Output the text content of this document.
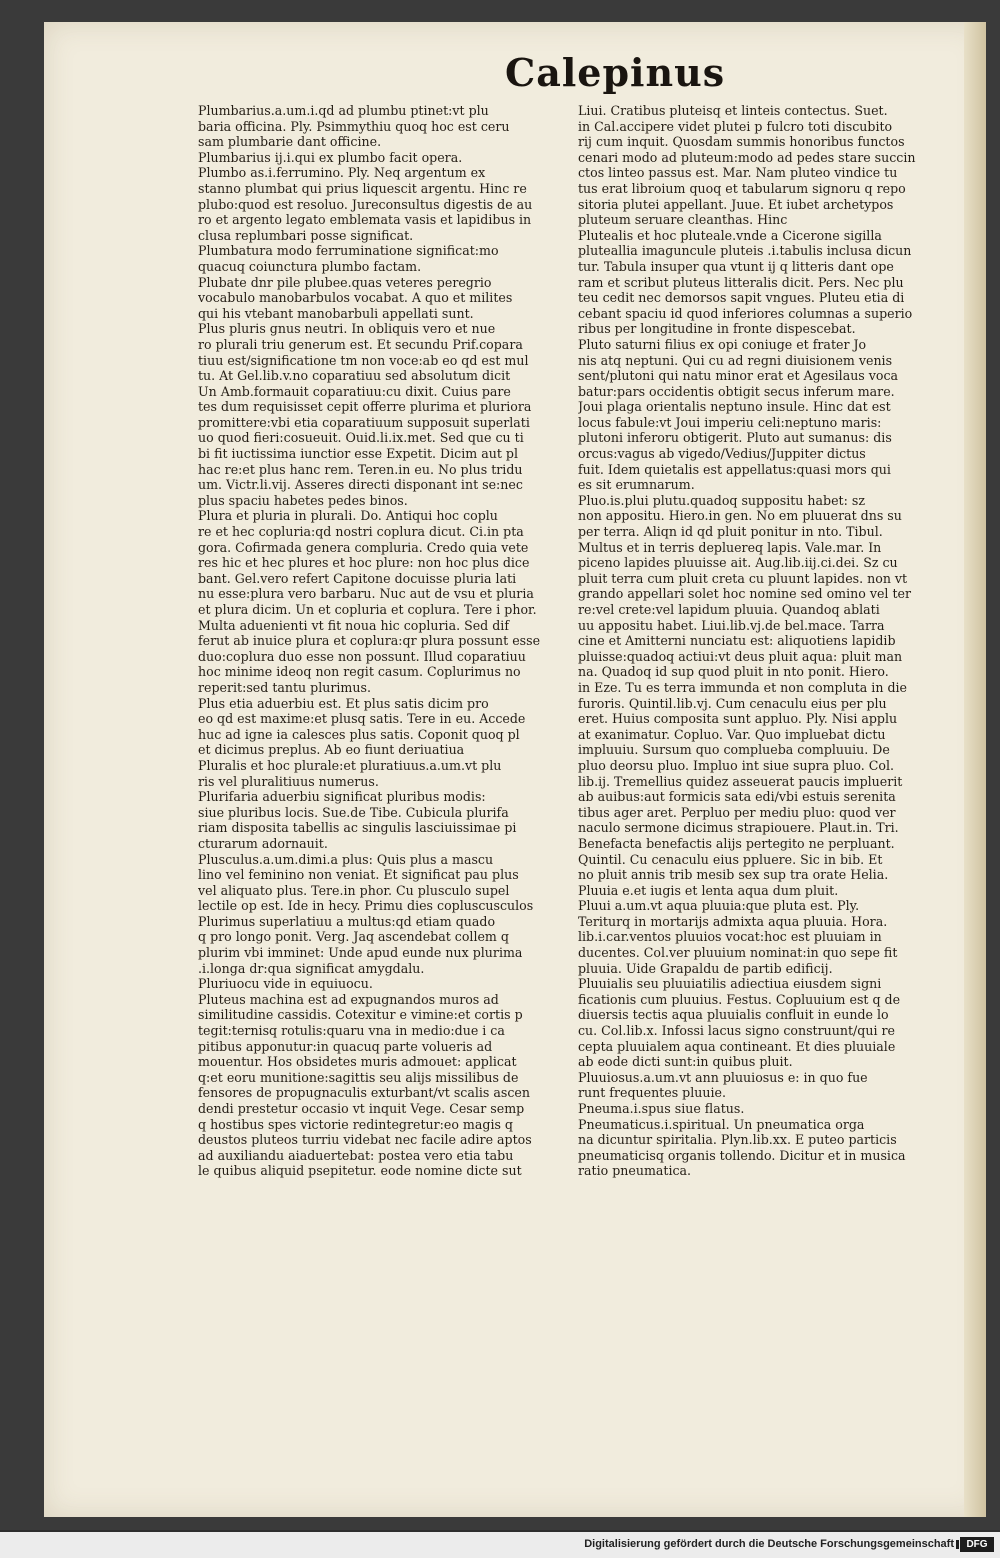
Calepinus
Plumbarius.a.um.i.qd ad plumbu ptinet:vt plu
baria officina. Ply. Psimmythiu quoq hoc est ceru
sam plumbarie dant officine.
Plumbarius ij.i.qui ex plumbo facit opera.
Plumbo as.i.ferrumino. Ply. Neq argentum ex
stanno plumbat qui prius liquescit argentu. Hinc re
plubo:quod est resoluo. Jureconsultus digestis de au
ro et argento legato emblemata vasis et lapidibus in
clusa replumbari posse significat.
Plumbatura modo ferruminatione significat:mo
quacuq coiunctura plumbo factam.
Plubate dnr pile plubee.quas veteres peregrio
vocabulo manobarbulos vocabat. A quo et milites
qui his vtebant manobarbuli appellati sunt.
Plus pluris gnus neutri. In obliquis vero et nue
ro plurali triu generum est. Et secundu Prif.copara
tiuu est/significatione tm non voce:ab eo qd est mul
tu. At Gel.lib.v.no coparatiuu sed absolutum dicit
Un Amb.formauit coparatiuu:cu dixit. Cuius pare
tes dum requisisset cepit offerre plurima et pluriora
promittere:vbi etia coparatiuum supposuit superlati
uo quod fieri:cosueuit. Ouid.li.ix.met. Sed que cu ti
bi fit iuctissima iunctior esse Expetit. Dicim aut pl
hac re:et plus hanc rem. Teren.in eu. No plus tridu
um. Victr.li.vij. Asseres directi disponant int se:nec
plus spaciu habetes pedes binos.
Plura et pluria in plurali. Do. Antiqui hoc coplu
re et hec copluria:qd nostri coplura dicut. Ci.in pta
gora. Cofirmada genera compluria. Credo quia vete
res hic et hec plures et hoc plure: non hoc plus dice
bant. Gel.vero refert Capitone docuisse pluria lati
nu esse:plura vero barbaru. Nuc aut de vsu et pluria
et plura dicim. Un et copluria et coplura. Tere i phor.
Multa aduenienti vt fit noua hic copluria. Sed dif
ferut ab inuice plura et coplura:qr plura possunt esse
duo:coplura duo esse non possunt. Illud coparatiuu
hoc minime ideoq non regit casum. Coplurimus no
reperit:sed tantu plurimus.
Plus etia aduerbiu est. Et plus satis dicim pro
eo qd est maxime:et plusq satis. Tere in eu. Accede
huc ad igne ia calesces plus satis. Coponit quoq pl
et dicimus preplus. Ab eo fiunt deriuatiua
Pluralis et hoc plurale:et pluratiuus.a.um.vt plu
ris vel pluralitiuus numerus.
Plurifaria aduerbiu significat pluribus modis:
siue pluribus locis. Sue.de Tibe. Cubicula plurifa
riam disposita tabellis ac singulis lasciuissimae pi
cturarum adornauit.
Plusculus.a.um.dimi.a plus: Quis plus a mascu
lino vel feminino non veniat. Et significat pau plus
vel aliquato plus. Tere.in phor. Cu plusculo supel
lectile op est. Ide in hecy. Primu dies copluscusculos
Plurimus superlatiuu a multus:qd etiam quado
q pro longo ponit. Verg. Jaq ascendebat collem q
plurim vbi imminet: Unde apud eunde nux plurima
.i.longa dr:qua significat amygdalu.
Pluriuocu vide in equiuocu.
Pluteus machina est ad expugnandos muros ad
similitudine cassidis. Cotexitur e vimine:et cortis p
tegit:ternisq rotulis:quaru vna in medio:due i ca
pitibus apponutur:in quacuq parte volueris ad
mouentur. Hos obsidetes muris admouet: applicat
q:et eoru munitione:sagittis seu alijs missilibus de
fensores de propugnaculis exturbant/vt scalis ascen
dendi prestetur occasio vt inquit Vege. Cesar semp
q hostibus spes victorie redintegretur:eo magis q
deustos pluteos turriu videbat nec facile adire aptos
ad auxiliandu aiaduertebat: postea vero etia tabu
le quibus aliquid psepitetur. eode nomine dicte sut
Liui. Cratibus pluteisq et linteis contectus. Suet.
in Cal.accipere videt plutei p fulcro toti discubito
rij cum inquit. Quosdam summis honoribus functos
cenari modo ad pluteum:modo ad pedes stare succin
ctos linteo passus est. Mar. Nam pluteo vindice tu
tus erat libroium quoq et tabularum signoru q repo
sitoria plutei appellant. Juue. Et iubet archetypos
pluteum seruare cleanthas. Hinc
Plutealis et hoc pluteale.vnde a Cicerone sigilla
pluteallia imaguncule pluteis .i.tabulis inclusa dicun
tur. Tabula insuper qua vtunt ij q litteris dant ope
ram et scribut pluteus litteralis dicit. Pers. Nec plu
teu cedit nec demorsos sapit vngues. Pluteu etia di
cebant spaciu id quod inferiores columnas a superio
ribus per longitudine in fronte dispescebat.
Pluto saturni filius ex opi coniuge et frater Jo
nis atq neptuni. Qui cu ad regni diuisionem venis
sent/plutoni qui natu minor erat et Agesilaus voca
batur:pars occidentis obtigit secus inferum mare.
Joui plaga orientalis neptuno insule. Hinc dat est
locus fabule:vt Joui imperiu celi:neptuno maris:
plutoni inferoru obtigerit. Pluto aut sumanus: dis
orcus:vagus ab vigedo/Vedius/Juppiter dictus
fuit. Idem quietalis est appellatus:quasi mors qui
es sit erumnarum.
Pluo.is.plui plutu.quadoq suppositu habet: sz
non appositu. Hiero.in gen. No em pluuerat dns su
per terra. Aliqn id qd pluit ponitur in nto. Tibul.
Multus et in terris depluereq lapis. Vale.mar. In
piceno lapides pluuisse ait. Aug.lib.iij.ci.dei. Sz cu
pluit terra cum pluit creta cu pluunt lapides. non vt
grando appellari solet hoc nomine sed omino vel ter
re:vel crete:vel lapidum pluuia. Quandoq ablati
uu appositu habet. Liui.lib.vj.de bel.mace. Tarra
cine et Amitterni nunciatu est: aliquotiens lapidib
pluisse:quadoq actiui:vt deus pluit aqua: pluit man
na. Quadoq id sup quod pluit in nto ponit. Hiero.
in Eze. Tu es terra immunda et non compluta in die
furoris. Quintil.lib.vj. Cum cenaculu eius per plu
eret. Huius composita sunt appluo. Ply. Nisi applu
at exanimatur. Copluo. Var. Quo impluebat dictu
impluuiu. Sursum quo complueba compluuiu. De
pluo deorsu pluo. Impluo int siue supra pluo. Col.
lib.ij. Tremellius quidez asseuerat paucis impluerit
ab auibus:aut formicis sata edi/vbi estuis serenita
tibus ager aret. Perpluo per mediu pluo: quod ver
naculo sermone dicimus strapiouere. Plaut.in. Tri.
Benefacta benefactis alijs pertegito ne perpluant.
Quintil. Cu cenaculu eius ppluere. Sic in bib. Et
no pluit annis trib mesib sex sup tra orate Helia.
Pluuia e.et iugis et lenta aqua dum pluit.
Pluui a.um.vt aqua pluuia:que pluta est. Ply.
Teriturq in mortarijs admixta aqua pluuia. Hora.
lib.i.car.ventos pluuios vocat:hoc est pluuiam in
ducentes. Col.ver pluuium nominat:in quo sepe fit
pluuia. Uide Grapaldu de partib edificij.
Pluuialis seu pluuiatilis adiectiua eiusdem signi
ficationis cum pluuius. Festus. Copluuium est q de
diuersis tectis aqua pluuialis confluit in eunde lo
cu. Col.lib.x. Infossi lacus signo construunt/qui re
cepta pluuialem aqua contineant. Et dies pluuiale
ab eode dicti sunt:in quibus pluit.
Pluuiosus.a.um.vt ann pluuiosus e: in quo fue
runt frequentes pluuie.
Pneuma.i.spus siue flatus.
Pneumaticus.i.spiritual. Un pneumatica orga
na dicuntur spiritalia. Plyn.lib.xx. E puteo particis
pneumaticisq organis tollendo. Dicitur et in musica
ratio pneumatica.
Digitalisierung gefördert durch die Deutsche Forschungsgemeinschaft	DFG
